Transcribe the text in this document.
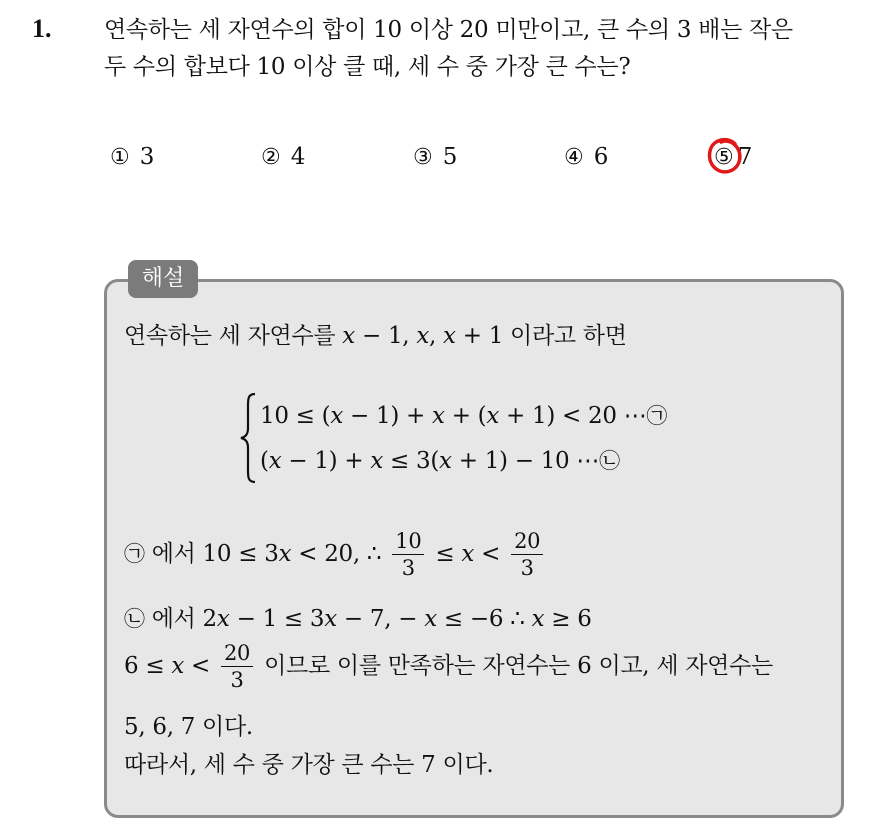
1. 연속하는 세 자연수의 합이 10 이상 20 미만이고, 큰 수의 3 배는 작은
두 수의 합보다 10 이상 클 때, 세 수 중 가장 큰 수는?
① 3	② 4	③ 5	④ 6	⑤ 7
해설
연속하는 세 자연수를 x − 1, x, x + 1 이라고 하면
10 ≤ (x − 1) + x + (x + 1) < 20 ⋯㉠
(x − 1) + x ≤ 3(x + 1) − 10 ⋯㉡
㉠ 에서 10 ≤ 3x < 20, ∴ $\frac{10}{3} \le x < \frac{20}{3}$
㉡ 에서 2x − 1 ≤ 3x − 7, − x ≤ −6 ∴ x ≥ 6
$6 \le x < \frac{20}{3}$ 이므로 이를 만족하는 자연수는 6 이고, 세 자연수는
5, 6, 7 이다.
따라서, 세 수 중 가장 큰 수는 7 이다.
